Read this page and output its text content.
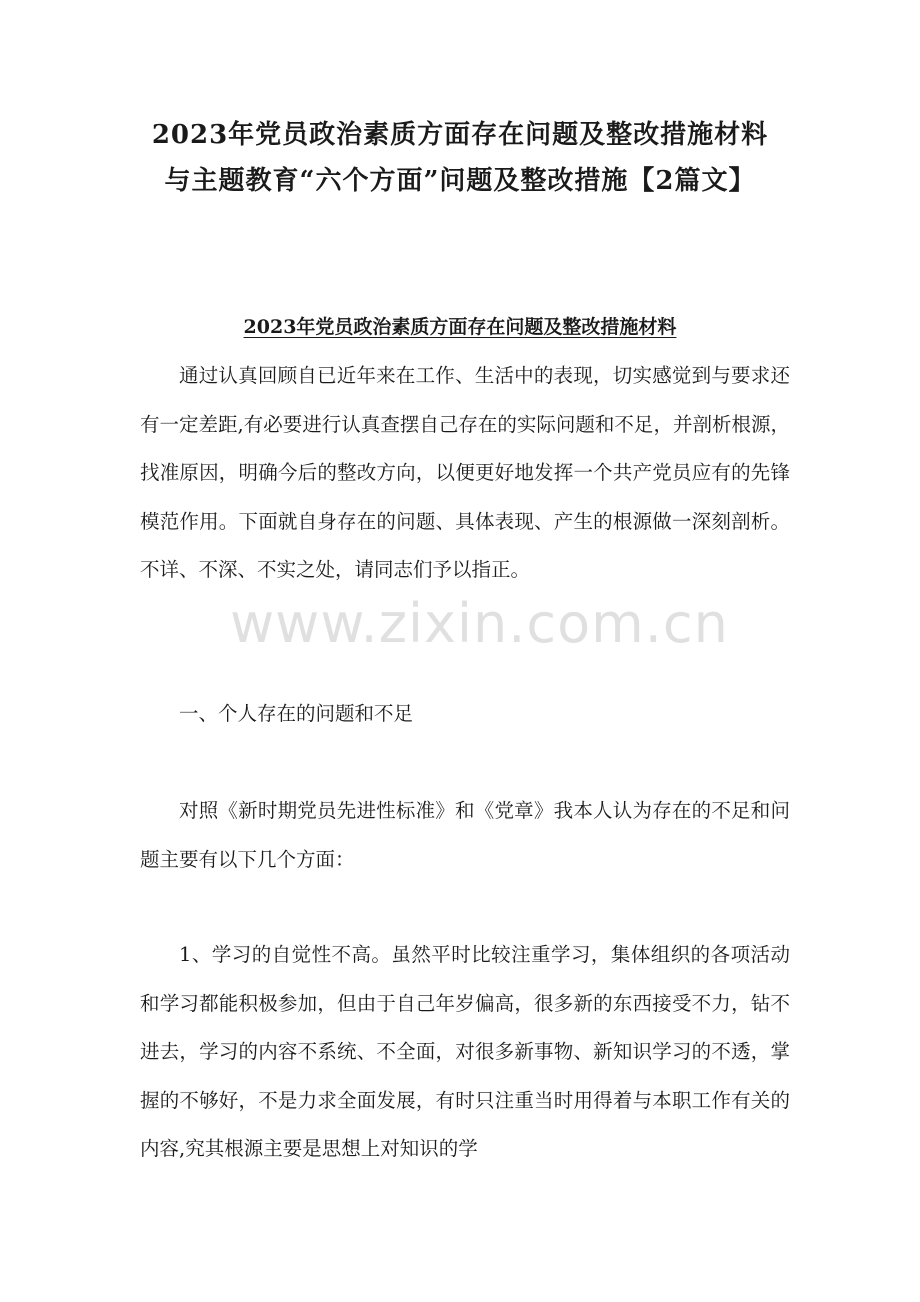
2023年党员政治素质方面存在问题及整改措施材料
与主题教育“六个方面”问题及整改措施【2篇文】
2023年党员政治素质方面存在问题及整改措施材料
通过认真回顾自已近年来在工作、生活中的表现，切实感觉到与要求还有一定差距,有必要进行认真查摆自己存在的实际问题和不足，并剖析根源，找准原因，明确今后的整改方向，以便更好地发挥一个共产党员应有的先锋模范作用。下面就自身存在的问题、具体表现、产生的根源做一深刻剖析。不详、不深、不实之处，请同志们予以指正。
www.zixin.com.cn
一、个人存在的问题和不足
对照《新时期党员先进性标准》和《党章》我本人认为存在的不足和问题主要有以下几个方面：
1、学习的自觉性不高。虽然平时比较注重学习，集体组织的各项活动和学习都能积极参加，但由于自己年岁偏高，很多新的东西接受不力，钻不进去，学习的内容不系统、不全面，对很多新事物、新知识学习的不透，掌握的不够好，不是力求全面发展，有时只注重当时用得着与本职工作有关的内容,究其根源主要是思想上对知识的学
